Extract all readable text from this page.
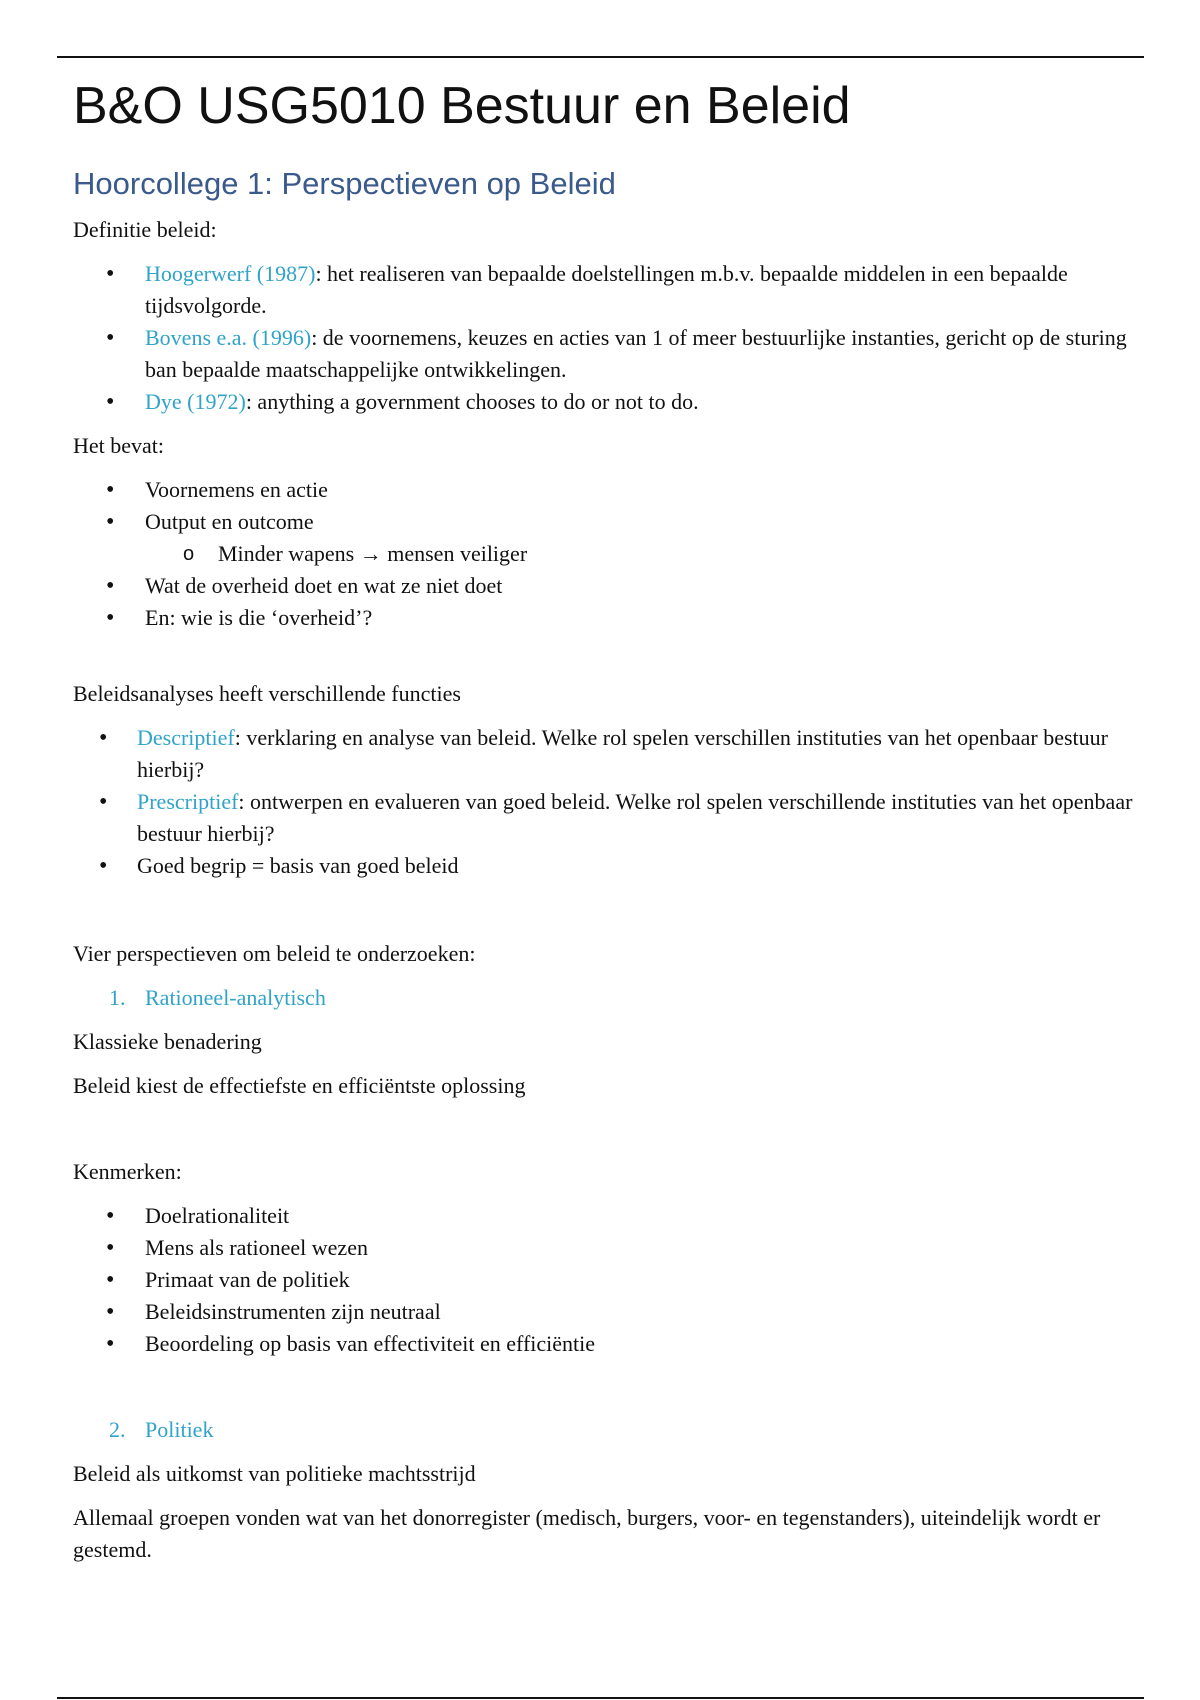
B&O USG5010 Bestuur en Beleid
Hoorcollege 1: Perspectieven op Beleid

Definitie beleid:

• Hoogerwerf (1987): het realiseren van bepaalde doelstellingen m.b.v. bepaalde middelen in een bepaalde tijdsvolgorde.
• Bovens e.a. (1996): de voornemens, keuzes en acties van 1 of meer bestuurlijke instanties, gericht op de sturing ban bepaalde maatschappelijke ontwikkelingen.
• Dye (1972): anything a government chooses to do or not to do.

Het bevat:

• Voornemens en actie
• Output en outcome
o Minder wapens → mensen veiliger
• Wat de overheid doet en wat ze niet doet
• En: wie is die ‘overheid’?

Beleidsanalyses heeft verschillende functies

• Descriptief: verklaring en analyse van beleid. Welke rol spelen verschillen instituties van het openbaar bestuur hierbij?
• Prescriptief: ontwerpen en evalueren van goed beleid. Welke rol spelen verschillende instituties van het openbaar bestuur hierbij?
• Goed begrip = basis van goed beleid

Vier perspectieven om beleid te onderzoeken:

1. Rationeel-analytisch

Klassieke benadering

Beleid kiest de effectiefste en efficiëntste oplossing

Kenmerken:

• Doelrationaliteit
• Mens als rationeel wezen
• Primaat van de politiek
• Beleidsinstrumenten zijn neutraal
• Beoordeling op basis van effectiviteit en efficiëntie
2. Politiek

Beleid als uitkomst van politieke machtsstrijd

Allemaal groepen vonden wat van het donorregister (medisch, burgers, voor- en tegenstanders), uiteindelijk wordt er gestemd.
